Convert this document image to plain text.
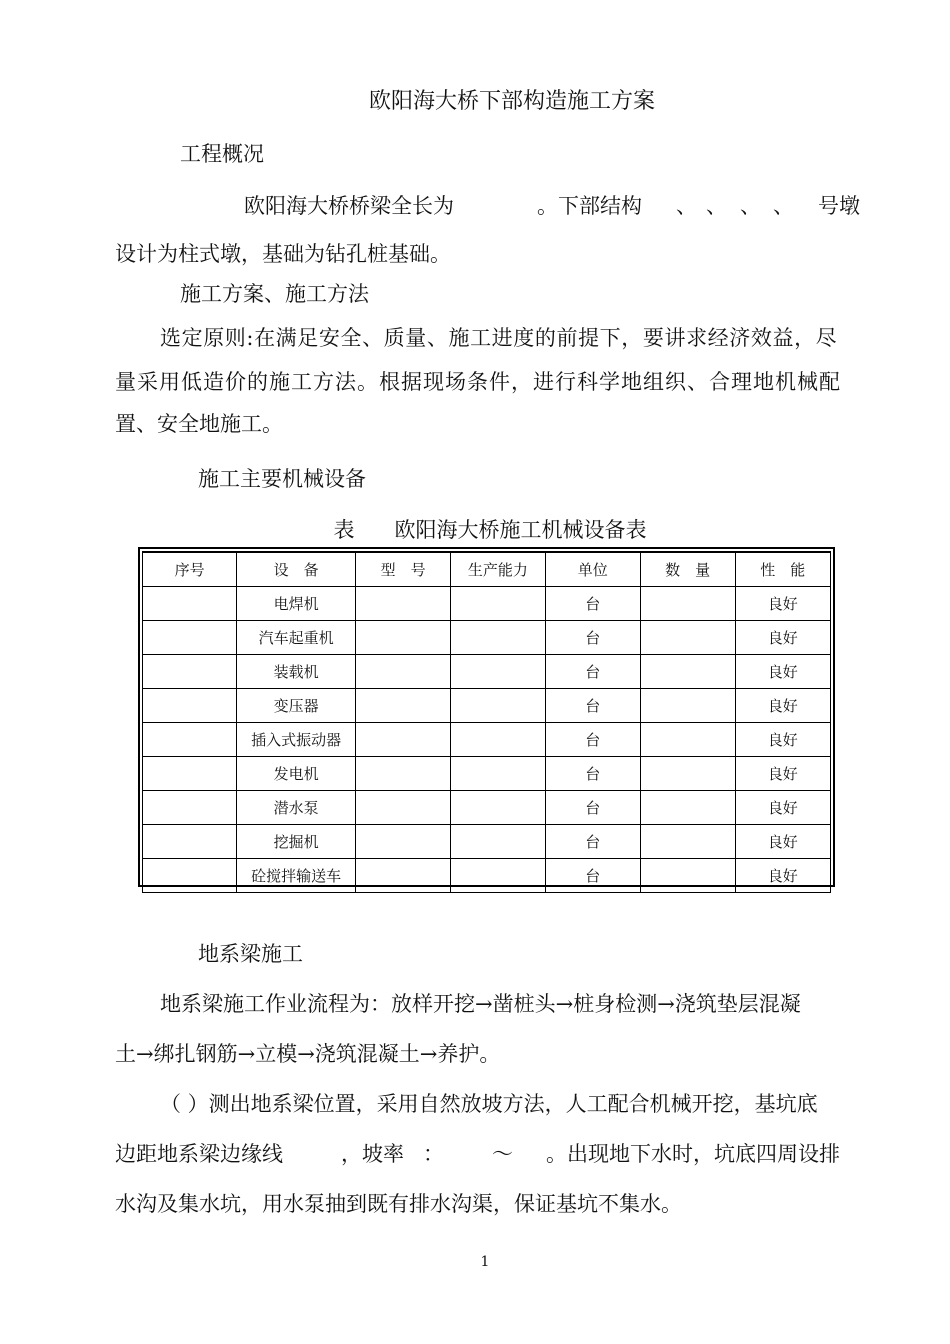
欧阳海大桥下部构造施工方案
工程概况
欧阳海大桥桥梁全长为	。下部结构 、 、 、 、 号墩
设计为柱式墩，基础为钻孔桩基础。
施工方案、施工方法
选定原则:在满足安全、质量、施工进度的前提下，要讲求经济效益，尽
量采用低造价的施工方法。根据现场条件，进行科学地组织、合理地机械配
置、安全地施工。
施工主要机械设备
表 欧阳海大桥施工机械设备表
序号	设　备	型　号	生产能力	单位	数　量	性　能
	电焊机			台		良好
	汽车起重机			台		良好
	装载机			台		良好
	变压器			台		良好
	插入式振动器			台		良好
	发电机			台		良好
	潜水泵			台		良好
	挖掘机			台		良好
	砼搅拌输送车			台		良好
地系梁施工
地系梁施工作业流程为：放样开挖→凿桩头→桩身检测→浇筑垫层混凝
土→绑扎钢筋→立模→浇筑混凝土→养护。
（ ）测出地系梁位置，采用自然放坡方法，人工配合机械开挖，基坑底
边距地系梁边缘线	，坡率 ： ～ 。出现地下水时，坑底四周设排
水沟及集水坑，用水泵抽到既有排水沟渠，保证基坑不集水。
1
